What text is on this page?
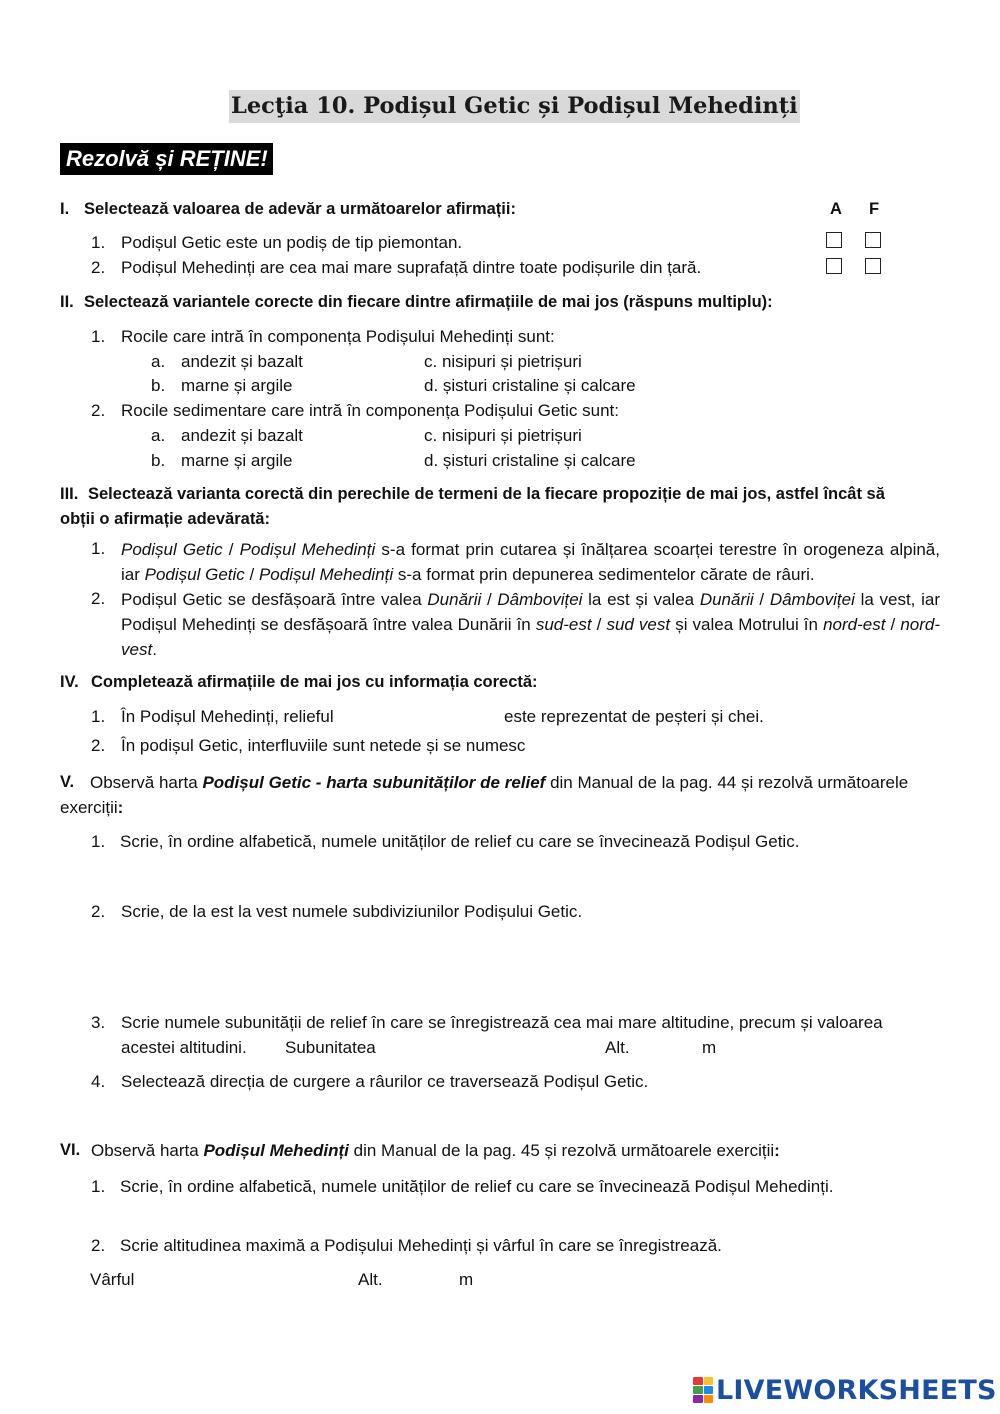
Lecţia 10. Podișul Getic și Podișul Mehedinți
Rezolvă și REȚINE!
I. Selectează valoarea de adevăr a următoarelor afirmații:	A F
1. Podișul Getic este un podiș de tip piemontan.
2. Podișul Mehedinți are cea mai mare suprafață dintre toate podișurile din țară.
II. Selectează variantele corecte din fiecare dintre afirmațiile de mai jos (răspuns multiplu):
1. Rocile care intră în componența Podișului Mehedinți sunt:
a. andezit și bazalt	c. nisipuri și pietrișuri
b. marne și argile	d. șisturi cristaline și calcare
2. Rocile sedimentare care intră în componența Podișului Getic sunt:
a. andezit și bazalt	c. nisipuri și pietrișuri
b. marne și argile	d. șisturi cristaline și calcare
III. Selectează varianta corectă din perechile de termeni de la fiecare propoziție de mai jos, astfel încât să
obții o afirmație adevărată:
1. Podișul Getic / Podișul Mehedinți s-a format prin cutarea și înălțarea scoarței terestre în orogeneza alpină, iar Podișul Getic / Podișul Mehedinți s-a format prin depunerea sedimentelor cărate de râuri.
2. Podișul Getic se desfășoară între valea Dunării / Dâmboviței la est și valea Dunării / Dâmboviței la vest, iar Podișul Mehedinți se desfășoară între valea Dunării în sud-est / sud vest și valea Motrului în nord-est / nord-vest.
IV. Completează afirmațiile de mai jos cu informația corectă:
1. În Podișul Mehedinți, relieful	este reprezentat de peșteri și chei.
2. În podișul Getic, interfluviile sunt netede și se numesc
V. Observă harta Podișul Getic - harta subunităților de relief din Manual de la pag. 44 și rezolvă următoarele
exerciții:
1. Scrie, în ordine alfabetică, numele unităților de relief cu care se învecinează Podișul Getic.
2. Scrie, de la est la vest numele subdiviziunilor Podișului Getic.
3. Scrie numele subunității de relief în care se înregistrează cea mai mare altitudine, precum și valoarea
acestei altitudini. Subunitatea	Alt.	m
4. Selectează direcția de curgere a râurilor ce traversează Podișul Getic.
VI. Observă harta Podișul Mehedinți din Manual de la pag. 45 și rezolvă următoarele exerciții:
1. Scrie, în ordine alfabetică, numele unităților de relief cu care se învecinează Podișul Mehedinți.
2. Scrie altitudinea maximă a Podișului Mehedinți și vârful în care se înregistrează.
Vârful	Alt.	m
LIVEWORKSHEETS
